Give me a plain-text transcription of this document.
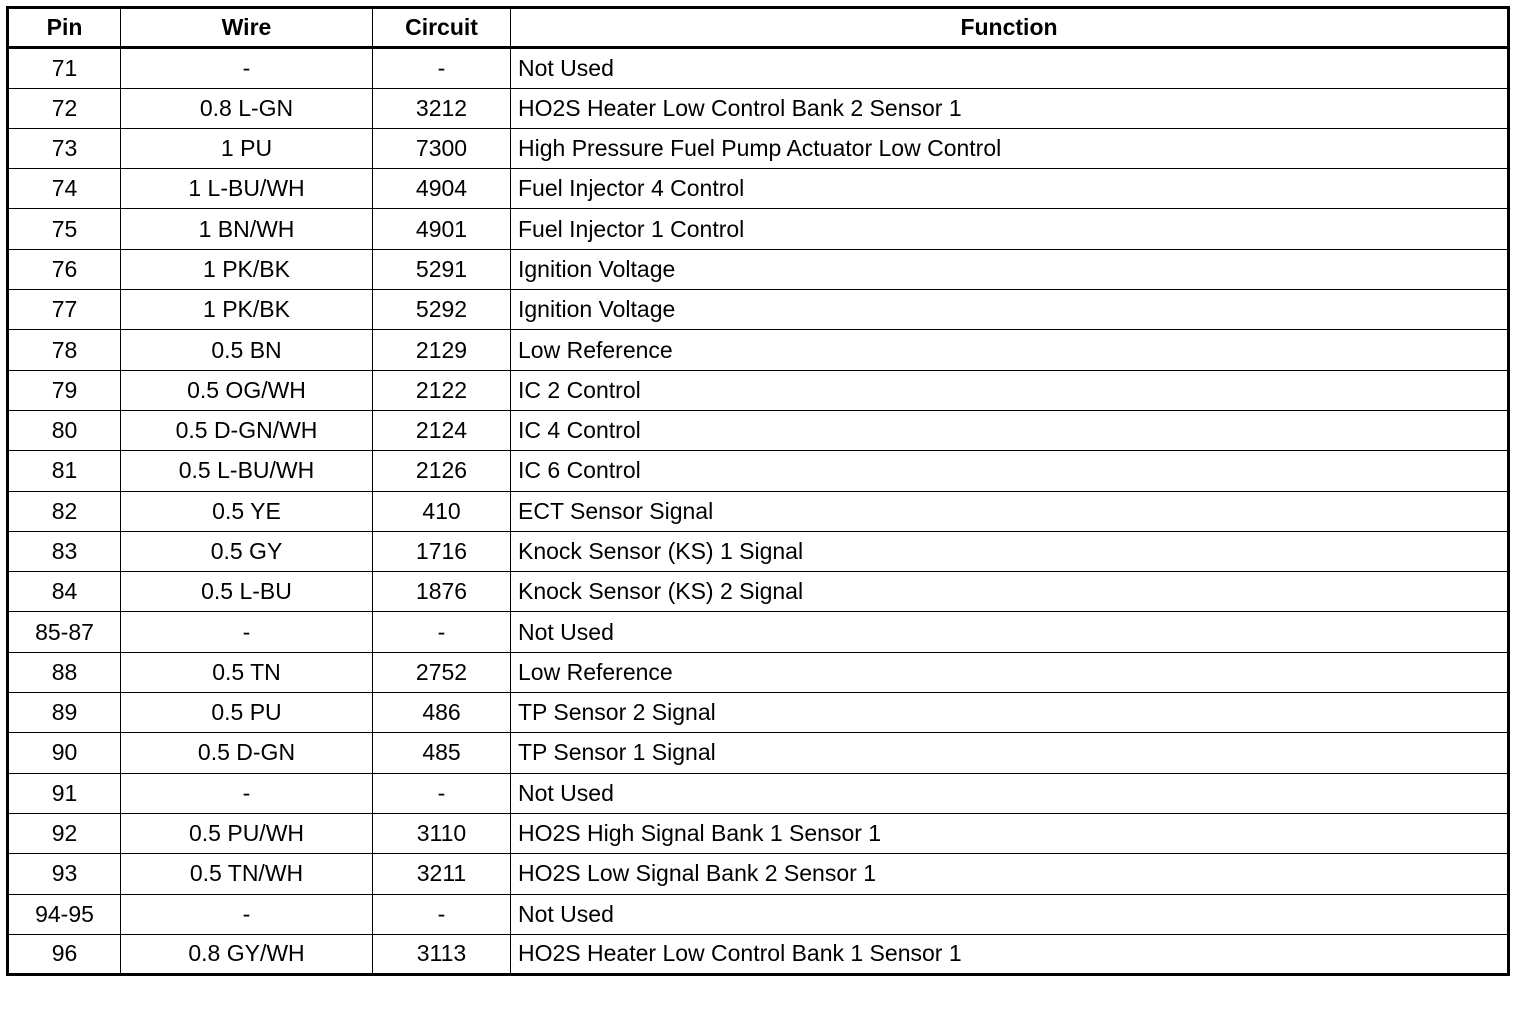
Pin	Wire	Circuit	Function
71	-	-	Not Used
72	0.8 L-GN	3212	HO2S Heater Low Control Bank 2 Sensor 1
73	1 PU	7300	High Pressure Fuel Pump Actuator Low Control
74	1 L-BU/WH	4904	Fuel Injector 4 Control
75	1 BN/WH	4901	Fuel Injector 1 Control
76	1 PK/BK	5291	Ignition Voltage
77	1 PK/BK	5292	Ignition Voltage
78	0.5 BN	2129	Low Reference
79	0.5 OG/WH	2122	IC 2 Control
80	0.5 D-GN/WH	2124	IC 4 Control
81	0.5 L-BU/WH	2126	IC 6 Control
82	0.5 YE	410	ECT Sensor Signal
83	0.5 GY	1716	Knock Sensor (KS) 1 Signal
84	0.5 L-BU	1876	Knock Sensor (KS) 2 Signal
85-87	-	-	Not Used
88	0.5 TN	2752	Low Reference
89	0.5 PU	486	TP Sensor 2 Signal
90	0.5 D-GN	485	TP Sensor 1 Signal
91	-	-	Not Used
92	0.5 PU/WH	3110	HO2S High Signal Bank 1 Sensor 1
93	0.5 TN/WH	3211	HO2S Low Signal Bank 2 Sensor 1
94-95	-	-	Not Used
96	0.8 GY/WH	3113	HO2S Heater Low Control Bank 1 Sensor 1
